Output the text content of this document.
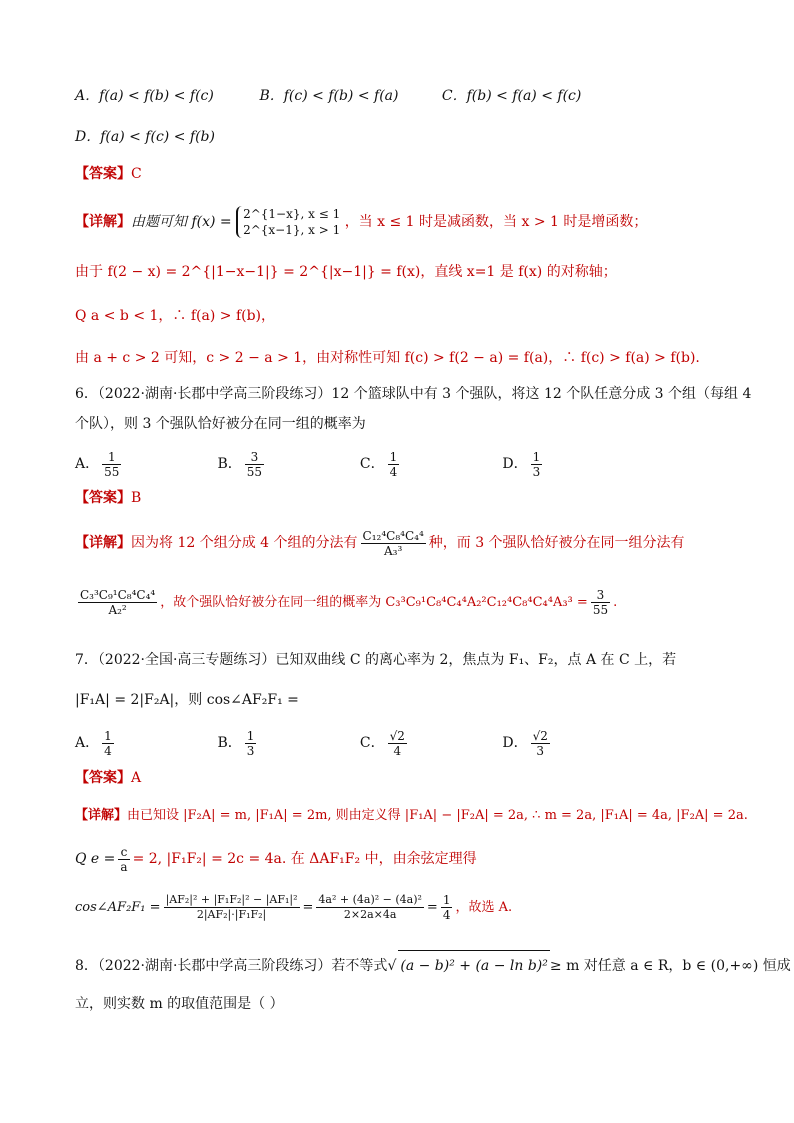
A．f(a) < f(b) < f(c)	B．f(c) < f(b) < f(a)	C．f(b) < f(a) < f(c)
D．f(a) < f(c) < f(b)
【答案】C
【详解】由题可知 f(x) = 2^{1−x}, x ≤ 1
2^{x−1}, x > 1 ，当 x ≤ 1 时是减函数，当 x > 1 时是增函数；
由于 f(2 − x) = 2^{|1−x−1|} = 2^{|x−1|} = f(x)，直线 x=1 是 f(x) 的对称轴；
Q a < b < 1，∴ f(a) > f(b)，
由 a + c > 2 可知，c > 2 − a > 1，由对称性可知 f(c) > f(2 − a) = f(a)，∴ f(c) > f(a) > f(b).
6．（2022·湖南·长郡中学高三阶段练习）12 个篮球队中有 3 个强队，将这 12 个队任意分成 3 个组（每组 4
个队），则 3 个强队恰好被分在同一组的概率为
A． $\frac{1}{55}$	B． $\frac{3}{55}$	C． $\frac{1}{4}$	D． $\frac{1}{3}$
【答案】B
【详解】因为将 12 个组分成 4 个组的分法有 $\frac{\text{C₁₂⁴C₈⁴C₄⁴}}{\text{A₃³}}$ 种，而 3 个强队恰好被分在同一组分法有
$\frac{\text{C₃³C₉¹C₈⁴C₄⁴}}{\text{A₂²}}$ ，故个强队恰好被分在同一组的概率为 $C_3^3C_9^1C_8^4C_4^4A_2^2C_{12}^4C_8^4C_4^4A_3^3 = \frac{3}{55}$ .
7．（2022·全国·高三专题练习）已知双曲线 C 的离心率为 2，焦点为 F₁、F₂，点 A 在 C 上，若
|F₁A| = 2|F₂A|，则 cos∠AF₂F₁ =
A． $\frac{1}{4}$	B． $\frac{1}{3}$	C． $\frac{√2}{4}$	D． $\frac{√2}{3}$
【答案】A
【详解】由已知设 |F₂A| = m, |F₁A| = 2m, 则由定义得 |F₁A| − |F₂A| = 2a, ∴ m = 2a, |F₁A| = 4a, |F₂A| = 2a.
Q $e = \frac{c}{a} = 2$, |F₁F₂| = 2c = 4a. 在 ΔAF₁F₂ 中，由余弦定理得
cos∠AF₂F₁ = $\frac{\text{|AF₂|² + |F₁F₂|² − |AF₁|²}}{\text{2|AF₂|·|F₁F₂|}} = \frac{\text{4a² + (4a)² − (4a)²}}{2\times 2a\times 4a} = \frac{1}{4}$ ，故选 A.
8．（2022·湖南·长郡中学高三阶段练习）若不等式√ (a − b)² + (a − ln b)² ≥ m 对任意 a ∈ R，b ∈ (0,+∞) 恒成
立，则实数 m 的取值范围是（ ）
